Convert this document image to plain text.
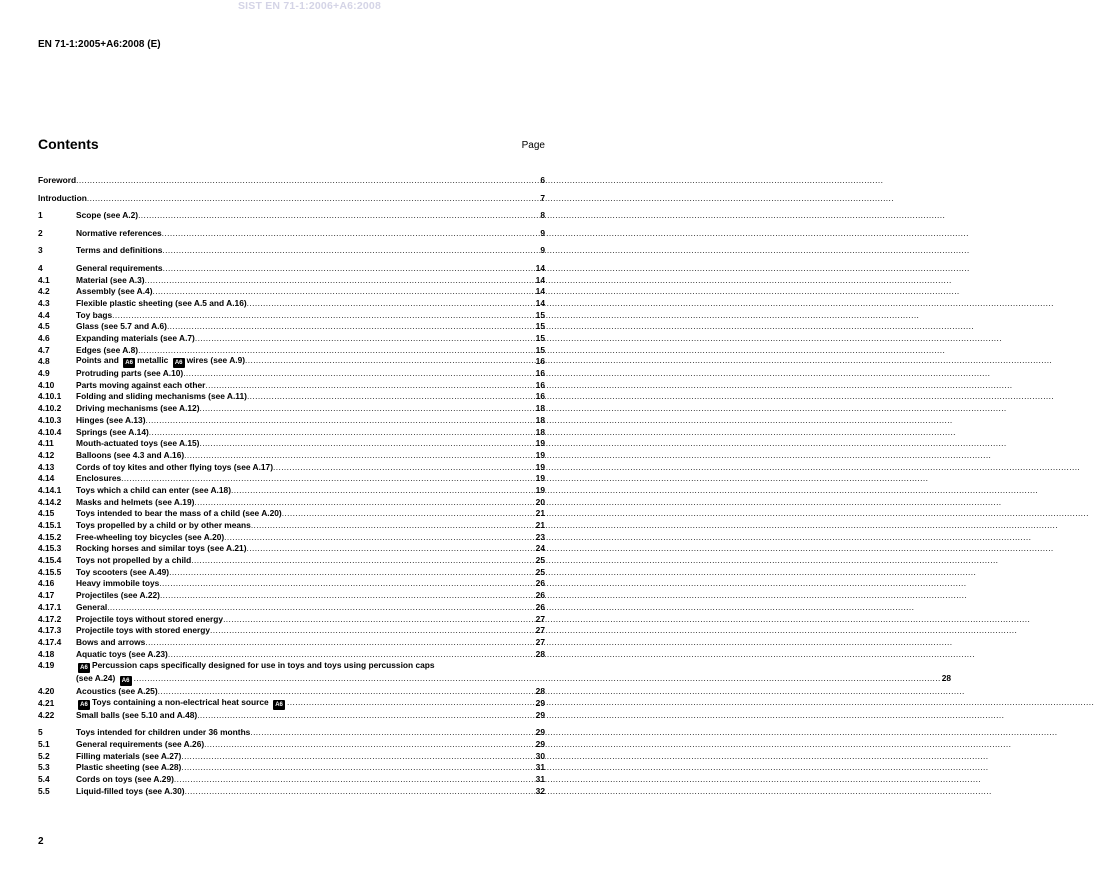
SIST EN 71-1:2006+A6:2008
EN 71-1:2005+A6:2008 (E)
Contents	Page
Foreword .....	6
Introduction .....	7
1	Scope (see A.2) .....	8
2	Normative references .....	9
3	Terms and definitions .....	9
4	General requirements .....	14
4.1	Material (see A.3) .....	14
4.2	Assembly (see A.4) .....	14
4.3	Flexible plastic sheeting (see A.5 and A.16) .....	14
4.4	Toy bags .....	15
4.5	Glass (see 5.7 and A.6) .....	15
4.6	Expanding materials (see A.7) .....	15
4.7	Edges (see A.8) .....	15
4.8	Points and A6 metallic A6 wires (see A.9) .....	16
4.9	Protruding parts (see A.10) .....	16
4.10	Parts moving against each other .....	16
4.10.1	Folding and sliding mechanisms (see A.11) .....	16
4.10.2	Driving mechanisms (see A.12) .....	18
4.10.3	Hinges (see A.13) .....	18
4.10.4	Springs (see A.14) .....	18
4.11	Mouth-actuated toys (see A.15) .....	19
4.12	Balloons (see 4.3 and A.16) .....	19
4.13	Cords of toy kites and other flying toys (see A.17) .....	19
4.14	Enclosures .....	19
4.14.1	Toys which a child can enter (see A.18) .....	19
4.14.2	Masks and helmets (see A.19) .....	20
4.15	Toys intended to bear the mass of a child (see A.20) .....	21
4.15.1	Toys propelled by a child or by other means .....	21
4.15.2	Free-wheeling toy bicycles (see A.20) .....	23
4.15.3	Rocking horses and similar toys (see A.21) .....	24
4.15.4	Toys not propelled by a child .....	25
4.15.5	Toy scooters (see A.49) .....	25
4.16	Heavy immobile toys .....	26
4.17	Projectiles (see A.22) .....	26
4.17.1	General .....	26
4.17.2	Projectile toys without stored energy .....	27
4.17.3	Projectile toys with stored energy .....	27
4.17.4	Bows and arrows .....	27
4.18	Aquatic toys (see A.23) .....	28
4.19	A6 Percussion caps specifically designed for use in toys and toys using percussion caps
(see A.24) A6 .....	28
4.20	Acoustics (see A.25) .....	28
4.21	A6 Toys containing a non-electrical heat source A6 .....	29
4.22	Small balls (see 5.10 and A.48) .....	29
5	Toys intended for children under 36 months .....	29
5.1	General requirements (see A.26) .....	29
5.2	Filling materials (see A.27) .....	30
5.3	Plastic sheeting (see A.28) .....	31
5.4	Cords on toys (see A.29) .....	31
5.5	Liquid-filled toys (see A.30) .....	32
2
